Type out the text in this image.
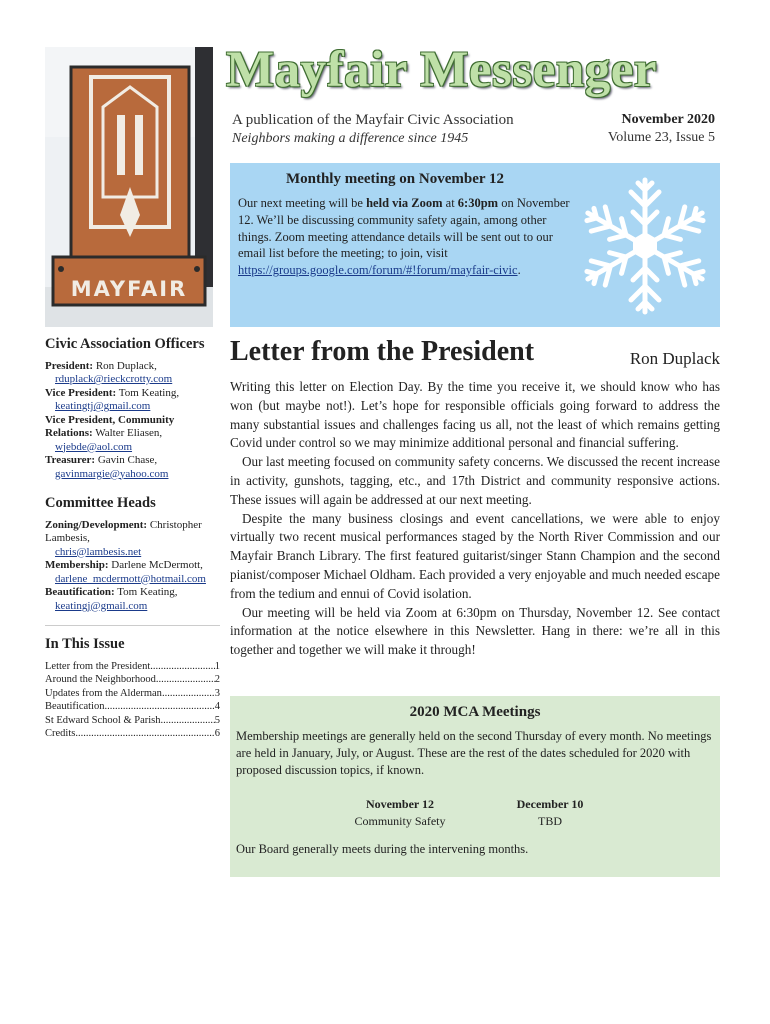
MAYFAIR
Mayfair Messenger
A publication of the Mayfair Civic Association
Neighbors making a difference since 1945
November 2020
Volume 23, Issue 5
Monthly meeting on November 12
Our next meeting will be held via Zoom at 6:30pm on November 12. We’ll be discussing community safety again, among other things. Zoom meeting attendance details will be sent out to our email list before the meeting; to join, visit https://groups.google.com/forum/#!forum/mayfair-civic.
Civic Association Officers
President: Ron Duplack,
rduplack@rieckcrotty.com
Vice President: Tom Keating,
keatingtj@gmail.com
Vice President, Community Relations: Walter Eliasen,
wjebde@aol.com
Treasurer: Gavin Chase,
gavinmargie@yahoo.com
Committee Heads
Zoning/Development: Christopher Lambesis,
chris@lambesis.net
Membership: Darlene McDermott,
darlene_mcdermott@hotmail.com
Beautification: Tom Keating,
keatingj@gmail.com
In This Issue
Letter from the President .....	1
Around the Neighborhood .....	2
Updates from the Alderman .....	3
Beautification .....	4
St Edward School & Parish .....	5
Credits .....	6
Letter from the President	Ron Duplack

Writing this letter on Election Day. By the time you receive it, we should know who has won (but maybe not!). Let’s hope for responsible officials going forward to address the many substantial issues and challenges facing us all, not the least of which remains getting Covid under control so we may minimize additional personal and financial suffering.

Our last meeting focused on community safety concerns. We discussed the recent increase in activity, gunshots, tagging, etc., and 17th District and community responsive actions. These issues will again be addressed at our next meeting.

Despite the many business closings and event cancellations, we were able to enjoy virtually two recent musical performances staged by the North River Commission and our Mayfair Branch Library. The first featured guitarist/singer Stann Champion and the second pianist/composer Michael Oldham. Each provided a very enjoyable and much needed escape from the tedium and ennui of Covid isolation.

Our meeting will be held via Zoom at 6:30pm on Thursday, November 12. See contact information at the notice elsewhere in this Newsletter. Hang in there: we’re all in this together and together we will make it through!

2020 MCA Meetings
Membership meetings are generally held on the second Thursday of every month. No meetings are held in January, July, or August. These are the rest of the dates scheduled for 2020 with proposed discussion topics, if known.
November 12
Community Safety
December 10
TBD
Our Board generally meets during the intervening months.
